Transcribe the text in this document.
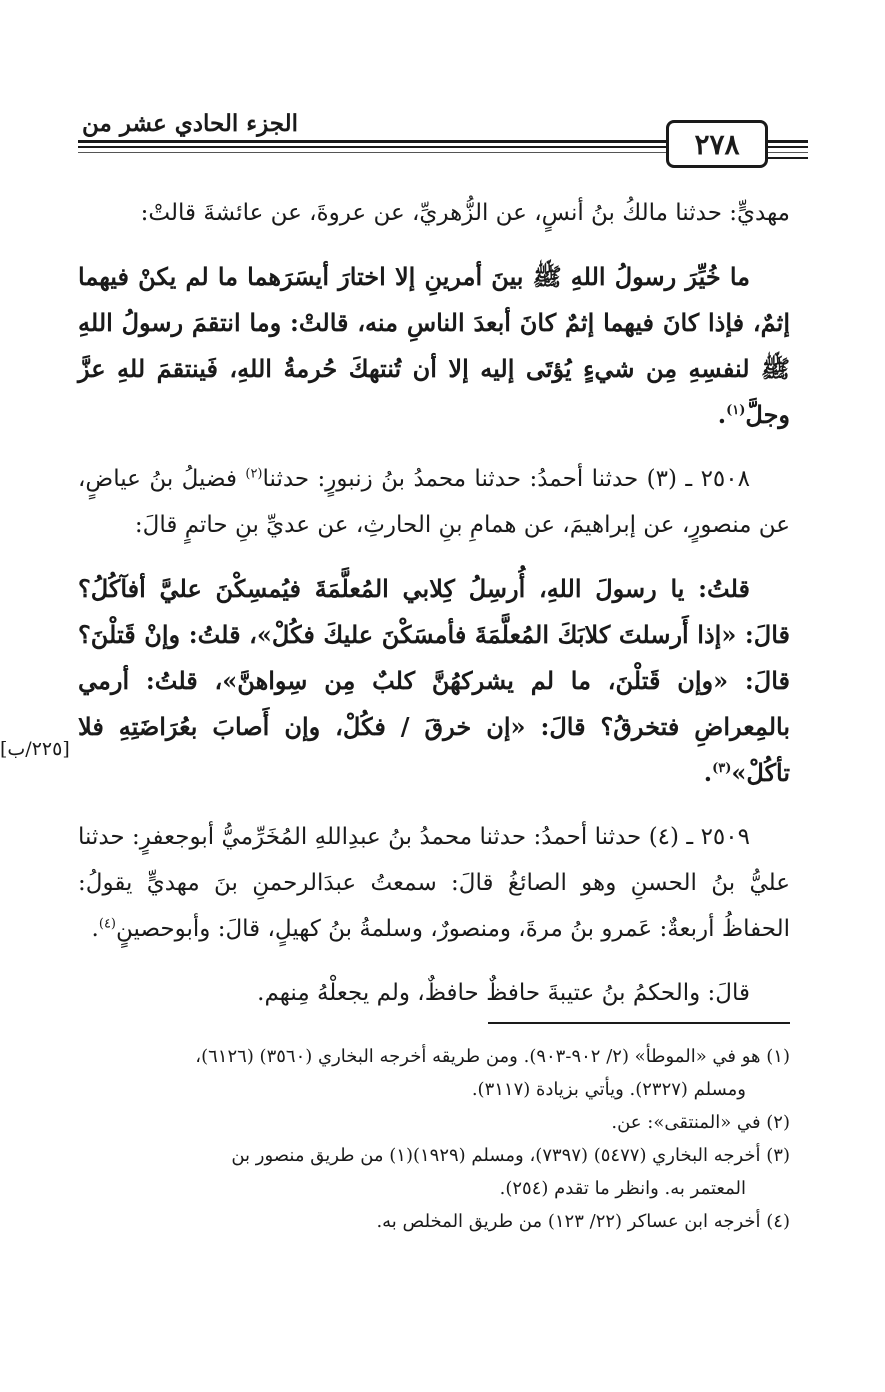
الجزء الحادي عشر من
٢٧٨

مهديٍّ: حدثنا مالكُ بنُ أنسٍ، عن الزُّهريِّ، عن عروةَ، عن عائشةَ قالتْ:

ما خُيِّرَ رسولُ اللهِ ﷺ بينَ أمرينِ إلا اختارَ أيسَرَهما ما لم يكنْ فيهما إثمٌ، فإذا كانَ فيهما إثمٌ كانَ أبعدَ الناسِ منه، قالتْ: وما انتقمَ رسولُ اللهِ ﷺ لنفسِهِ مِن شيءٍ يُؤتَى إليه إلا أن تُنتهكَ حُرمةُ اللهِ، فَينتقمَ للهِ عزَّ وجلَّ$^{(١)}$.

٢٥٠٨ ـ (٣) حدثنا أحمدُ: حدثنا محمدُ بنُ زنبورٍ: حدثنا$^{(٢)}$ فضيلُ بنُ عياضٍ، عن منصورٍ، عن إبراهيمَ، عن همامِ بنِ الحارثِ، عن عديِّ بنِ حاتمٍ قالَ:

قلتُ: يا رسولَ اللهِ، أُرسِلُ كِلابي المُعلَّمَةَ فيُمسِكْنَ عليَّ أفآكُلُ؟ قالَ: «إذا أَرسلتَ كلابَكَ المُعلَّمَةَ فأمسَكْنَ عليكَ فكُلْ»، قلتُ: وإنْ قَتلْنَ؟ قالَ: «وإن قَتلْنَ، ما لم يشركهُنَّ كلبٌ مِن سِواهنَّ»، قلتُ: أرمي بالمِعراضِ فتخرقُ؟ قالَ: «إن خرقَ / فكُلْ، وإن أَصابَ بعُرَاضَتِهِ فلا تأكُلْ»$^{(٣)}$.

٢٥٠٩ ـ (٤) حدثنا أحمدُ: حدثنا محمدُ بنُ عبدِاللهِ المُخَرِّميُّ أبوجعفرٍ: حدثنا عليُّ بنُ الحسنِ وهو الصائغُ قالَ: سمعتُ عبدَالرحمنِ بنَ مهديٍّ يقولُ: الحفاظُ أربعةٌ: عَمرو بنُ مرةَ، ومنصورٌ، وسلمةُ بنُ كهيلٍ، قالَ: وأبوحصينٍ$^{(٤)}$.

قالَ: والحكمُ بنُ عتيبةَ حافظٌ حافظٌ، ولم يجعلْهُ مِنهم.

[٢٢٥/ب]
(١) هو في «الموطأ» (٢/ ٩٠٢-٩٠٣). ومن طريقه أخرجه البخاري (٣٥٦٠) (٦١٢٦)،
ومسلم (٢٣٢٧). ويأتي بزيادة (٣١١٧).
(٢) في «المنتقى»: عن.
(٣) أخرجه البخاري (٥٤٧٧) (٧٣٩٧)، ومسلم (١٩٢٩)(١) من طريق منصور بن
المعتمر به. وانظر ما تقدم (٢٥٤).
(٤) أخرجه ابن عساكر (٢٢/ ١٢٣) من طريق المخلص به.
